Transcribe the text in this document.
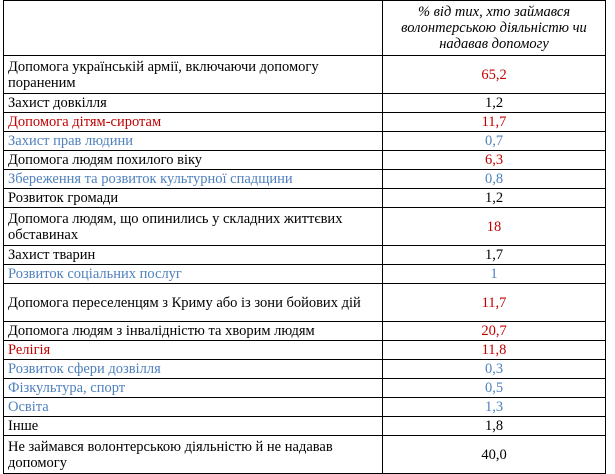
	% від тих, хто займався волонтерською діяльністю чи надавав допомогу
Допомога українській армії, включаючи допомогу пораненим	65,2
Захист довкілля	1,2
Допомога дітям-сиротам	11,7
Захист прав людини	0,7
Допомога людям похилого віку	6,3
Збереження та розвиток культурної спадщини	0,8
Розвиток громади	1,2
Допомога людям, що опинились у складних життєвих обставинах	18
Захист тварин	1,7
Розвиток соціальних послуг	1
Допомога переселенцям з Криму або із зони бойових дій	11,7
Допомога людям з інвалідністю та хворим людям	20,7
Релігія	11,8
Розвиток сфери дозвілля	0,3
Фізкультура, спорт	0,5
Освіта	1,3
Інше	1,8
Не займався волонтерською діяльністю й не надавав допомогу	40,0
